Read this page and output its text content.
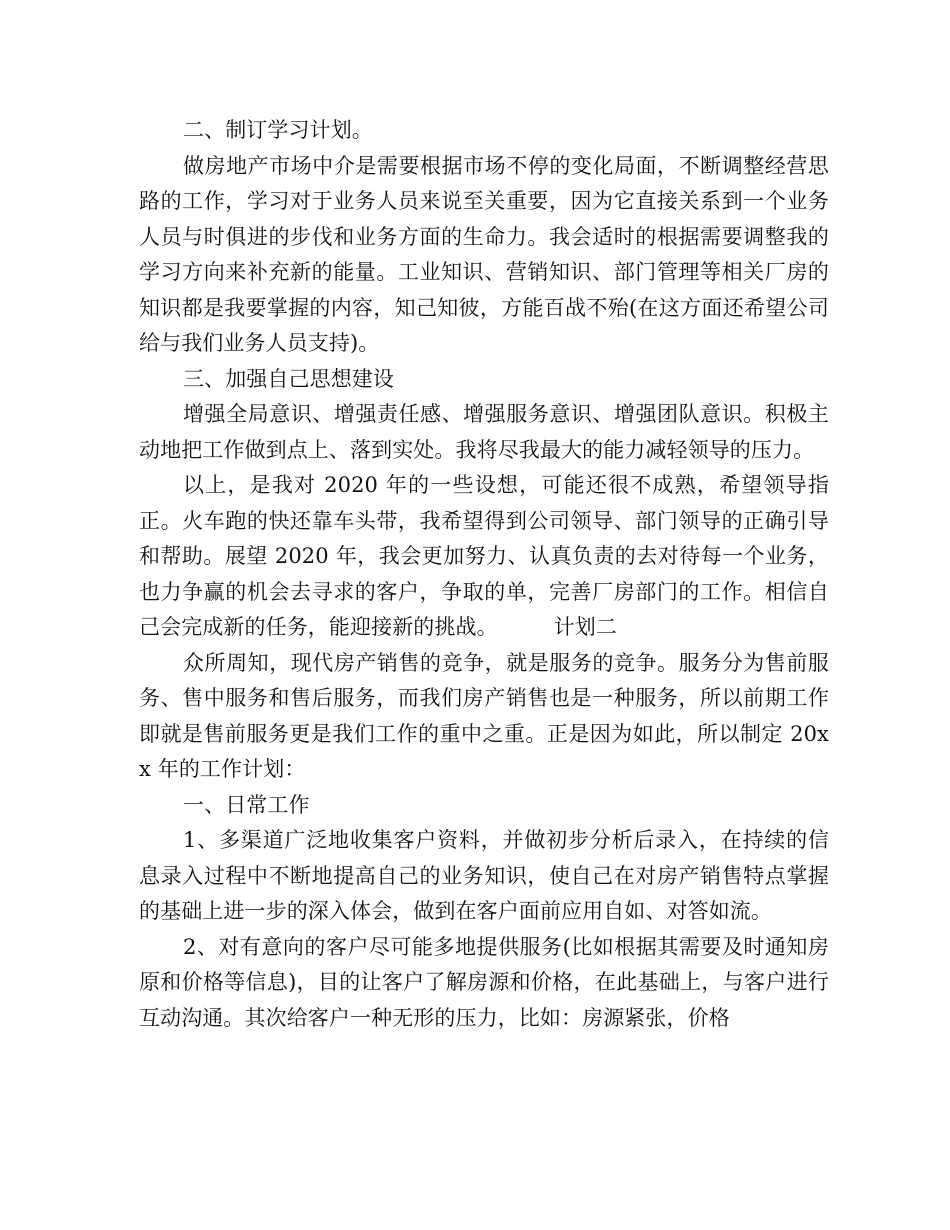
二、制订学习计划。

做房地产市场中介是需要根据市场不停的变化局面，不断调整经营思路的工作，学习对于业务人员来说至关重要，因为它直接关系到一个业务人员与时俱进的步伐和业务方面的生命力。我会适时的根据需要调整我的学习方向来补充新的能量。工业知识、营销知识、部门管理等相关厂房的知识都是我要掌握的内容，知己知彼，方能百战不殆(在这方面还希望公司给与我们业务人员支持)。

三、加强自己思想建设

增强全局意识、增强责任感、增强服务意识、增强团队意识。积极主动地把工作做到点上、落到实处。我将尽我最大的能力减轻领导的压力。

以上，是我对 2020 年的一些设想，可能还很不成熟，希望领导指正。火车跑的快还靠车头带，我希望得到公司领导、部门领导的正确引导和帮助。展望 2020 年，我会更加努力、认真负责的去对待每一个业务，也力争赢的机会去寻求的客户，争取的单，完善厂房部门的工作。相信自己会完成新的任务，能迎接新的挑战。	计划二

众所周知，现代房产销售的竞争，就是服务的竞争。服务分为售前服务、售中服务和售后服务，而我们房产销售也是一种服务，所以前期工作即就是售前服务更是我们工作的重中之重。正是因为如此，所以制定 20xx 年的工作计划：

一、日常工作

1、多渠道广泛地收集客户资料，并做初步分析后录入，在持续的信息录入过程中不断地提高自己的业务知识，使自己在对房产销售特点掌握的基础上进一步的深入体会，做到在客户面前应用自如、对答如流。

2、对有意向的客户尽可能多地提供服务(比如根据其需要及时通知房原和价格等信息)，目的让客户了解房源和价格，在此基础上，与客户进行互动沟通。其次给客户一种无形的压力，比如：房源紧张，价格
